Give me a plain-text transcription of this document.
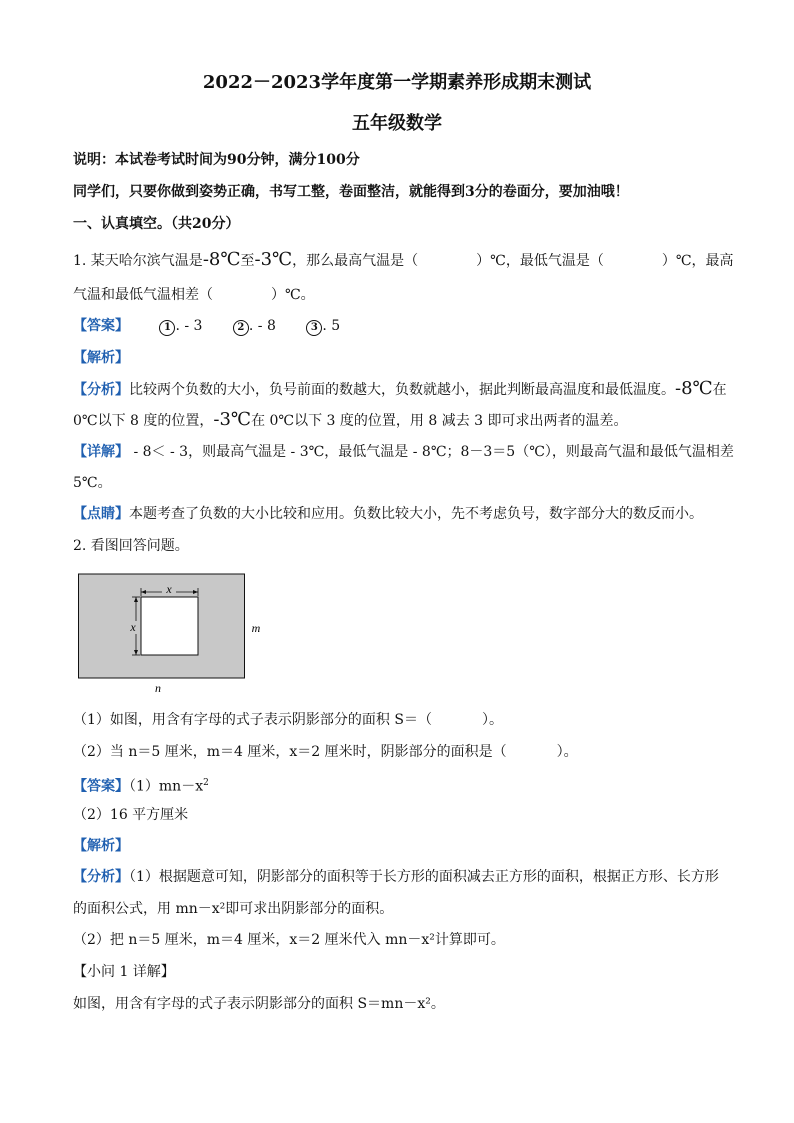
2022－2023学年度第一学期素养形成期末测试
五年级数学
说明：本试卷考试时间为90分钟，满分100分
同学们，只要你做到姿势正确，书写工整，卷面整洁，就能得到3分的卷面分，要加油哦！
一、认真填空。（共20分）
1. 某天哈尔滨气温是-8℃至-3℃，那么最高气温是（	）℃，最低气温是（	）℃，最高
气温和最低气温相差（	）℃。
【答案】	1 . - 3	2 . - 8	3 . 5
【解析】
【分析】比较两个负数的大小，负号前面的数越大，负数就越小，据此判断最高温度和最低温度。-8℃在
0℃以下 8 度的位置，-3℃在 0℃以下 3 度的位置，用 8 减去 3 即可求出两者的温差。
【详解】 - 8＜ - 3，则最高气温是 - 3℃，最低气温是 - 8℃；8－3＝5（℃），则最高气温和最低气温相差
5℃。
【点睛】本题考查了负数的大小比较和应用。负数比较大小，先不考虑负号，数字部分大的数反而小。
2. 看图回答问题。
x
x	m
n
（1）如图，用含有字母的式子表示阴影部分的面积 S＝（	）。
（2）当 n＝5 厘米，m＝4 厘米，x＝2 厘米时，阴影部分的面积是（	）。
【答案】$(1)mn-x^2$
（2）16 平方厘米
【解析】
【分析】（1）根据题意可知，阴影部分的面积等于长方形的面积减去正方形的面积，根据正方形、长方形
的面积公式，用 mn－x²即可求出阴影部分的面积。
（2）把 n＝5 厘米，m＝4 厘米，x＝2 厘米代入 mn－x²计算即可。
【小问 1 详解】
如图，用含有字母的式子表示阴影部分的面积 S＝mn－x²。
